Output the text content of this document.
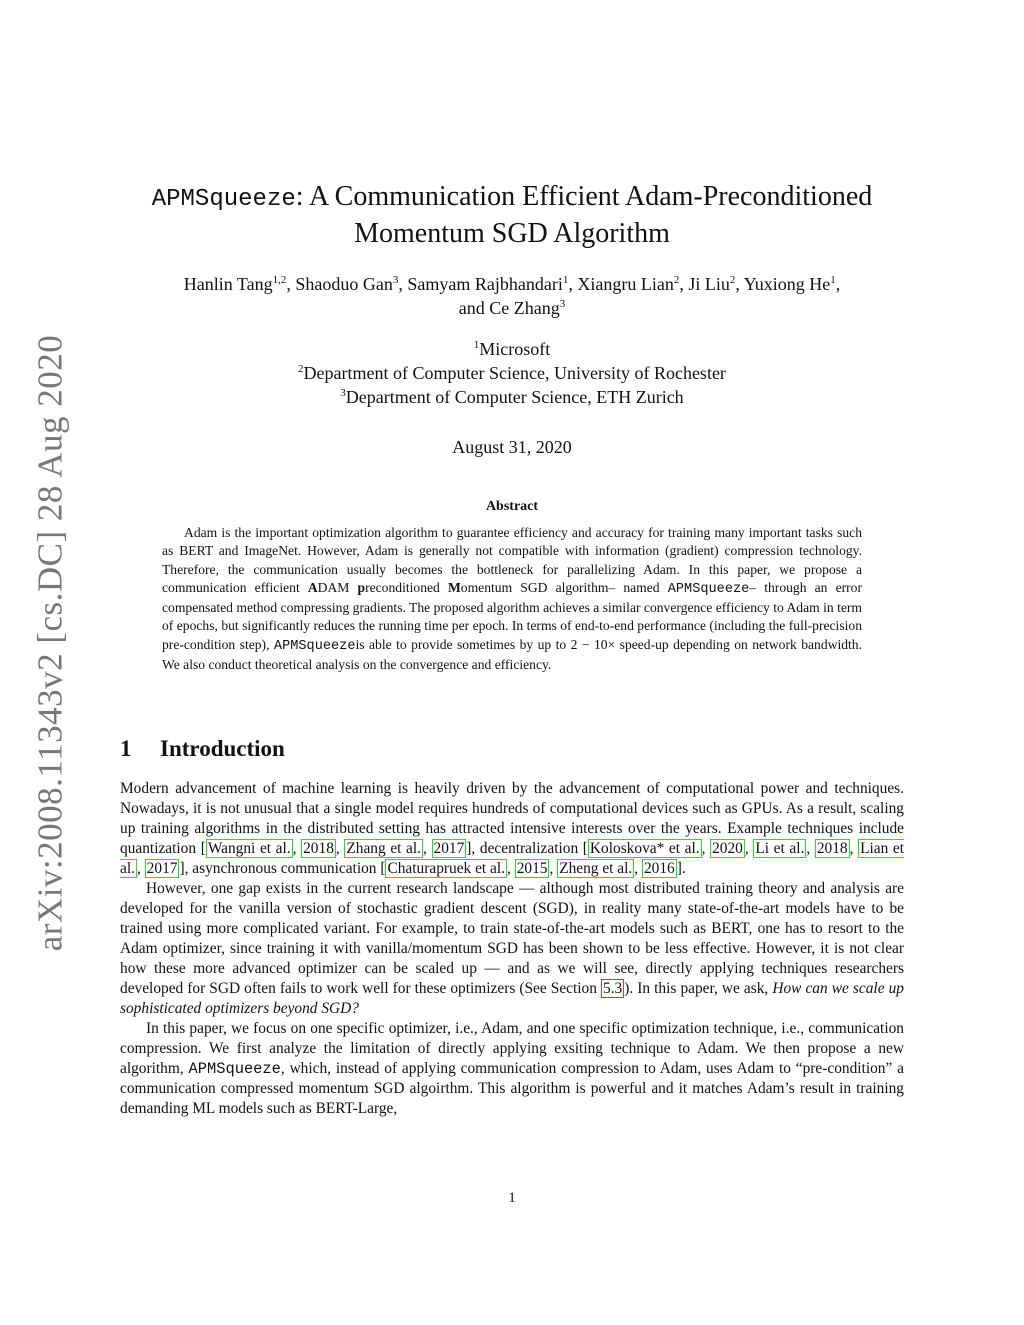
arXiv:2008.11343v2 [cs.DC] 28 Aug 2020
APMSqueeze: A Communication Efficient Adam-Preconditioned
Momentum SGD Algorithm
Hanlin Tang$^{1,2}$, Shaoduo Gan$^3$, Samyam Rajbhandari$^1$, Xiangru Lian$^2$, Ji Liu$^2$, Yuxiong He$^1$,
and Ce Zhang$^3$
$^1$Microsoft
$^2$Department of Computer Science, University of Rochester
$^3$Department of Computer Science, ETH Zurich
August 31, 2020
Abstract

Adam is the important optimization algorithm to guarantee efficiency and accuracy for training many important tasks such as BERT and ImageNet. However, Adam is generally not compatible with information (gradient) compression technology. Therefore, the communication usually becomes the bottleneck for parallelizing Adam. In this paper, we propose a communication efficient ADAM preconditioned Momentum SGD algorithm– named APMSqueeze– through an error compensated method compressing gradients. The proposed algorithm achieves a similar convergence efficiency to Adam in term of epochs, but significantly reduces the running time per epoch. In terms of end-to-end performance (including the full-precision pre-condition step), APMSqueezeis able to provide sometimes by up to 2 − 10× speed-up depending on network bandwidth. We also conduct theoretical analysis on the convergence and efficiency.

1 Introduction

Modern advancement of machine learning is heavily driven by the advancement of computational power and techniques. Nowadays, it is not unusual that a single model requires hundreds of computational devices such as GPUs. As a result, scaling up training algorithms in the distributed setting has attracted intensive interests over the years. Example techniques include quantization [ Wangni et al. , 2018 , Zhang et al. , 2017 ], decentralization [ Koloskova* et al. , 2020 , Li et al. , 2018 , Lian et al. , 2017 ], asynchronous communication [ Chaturapruek et al. , 2015 , Zheng et al. , 2016 ].

However, one gap exists in the current research landscape — although most distributed training theory and analysis are developed for the vanilla version of stochastic gradient descent (SGD), in reality many state-of-the-art models have to be trained using more complicated variant. For example, to train state-of-the-art models such as BERT, one has to resort to the Adam optimizer, since training it with vanilla/momentum SGD has been shown to be less effective. However, it is not clear how these more advanced optimizer can be scaled up — and as we will see, directly applying techniques researchers developed for SGD often fails to work well for these optimizers (See Section 5.3 ). In this paper, we ask, How can we scale up sophisticated optimizers beyond SGD?

In this paper, we focus on one specific optimizer, i.e., Adam, and one specific optimization technique, i.e., communication compression. We first analyze the limitation of directly applying exsiting technique to Adam. We then propose a new algorithm, APMSqueeze, which, instead of applying communication compression to Adam, uses Adam to “pre-condition” a communication compressed momentum SGD algoirthm. This algorithm is powerful and it matches Adam’s result in training demanding ML models such as BERT-Large,

1
